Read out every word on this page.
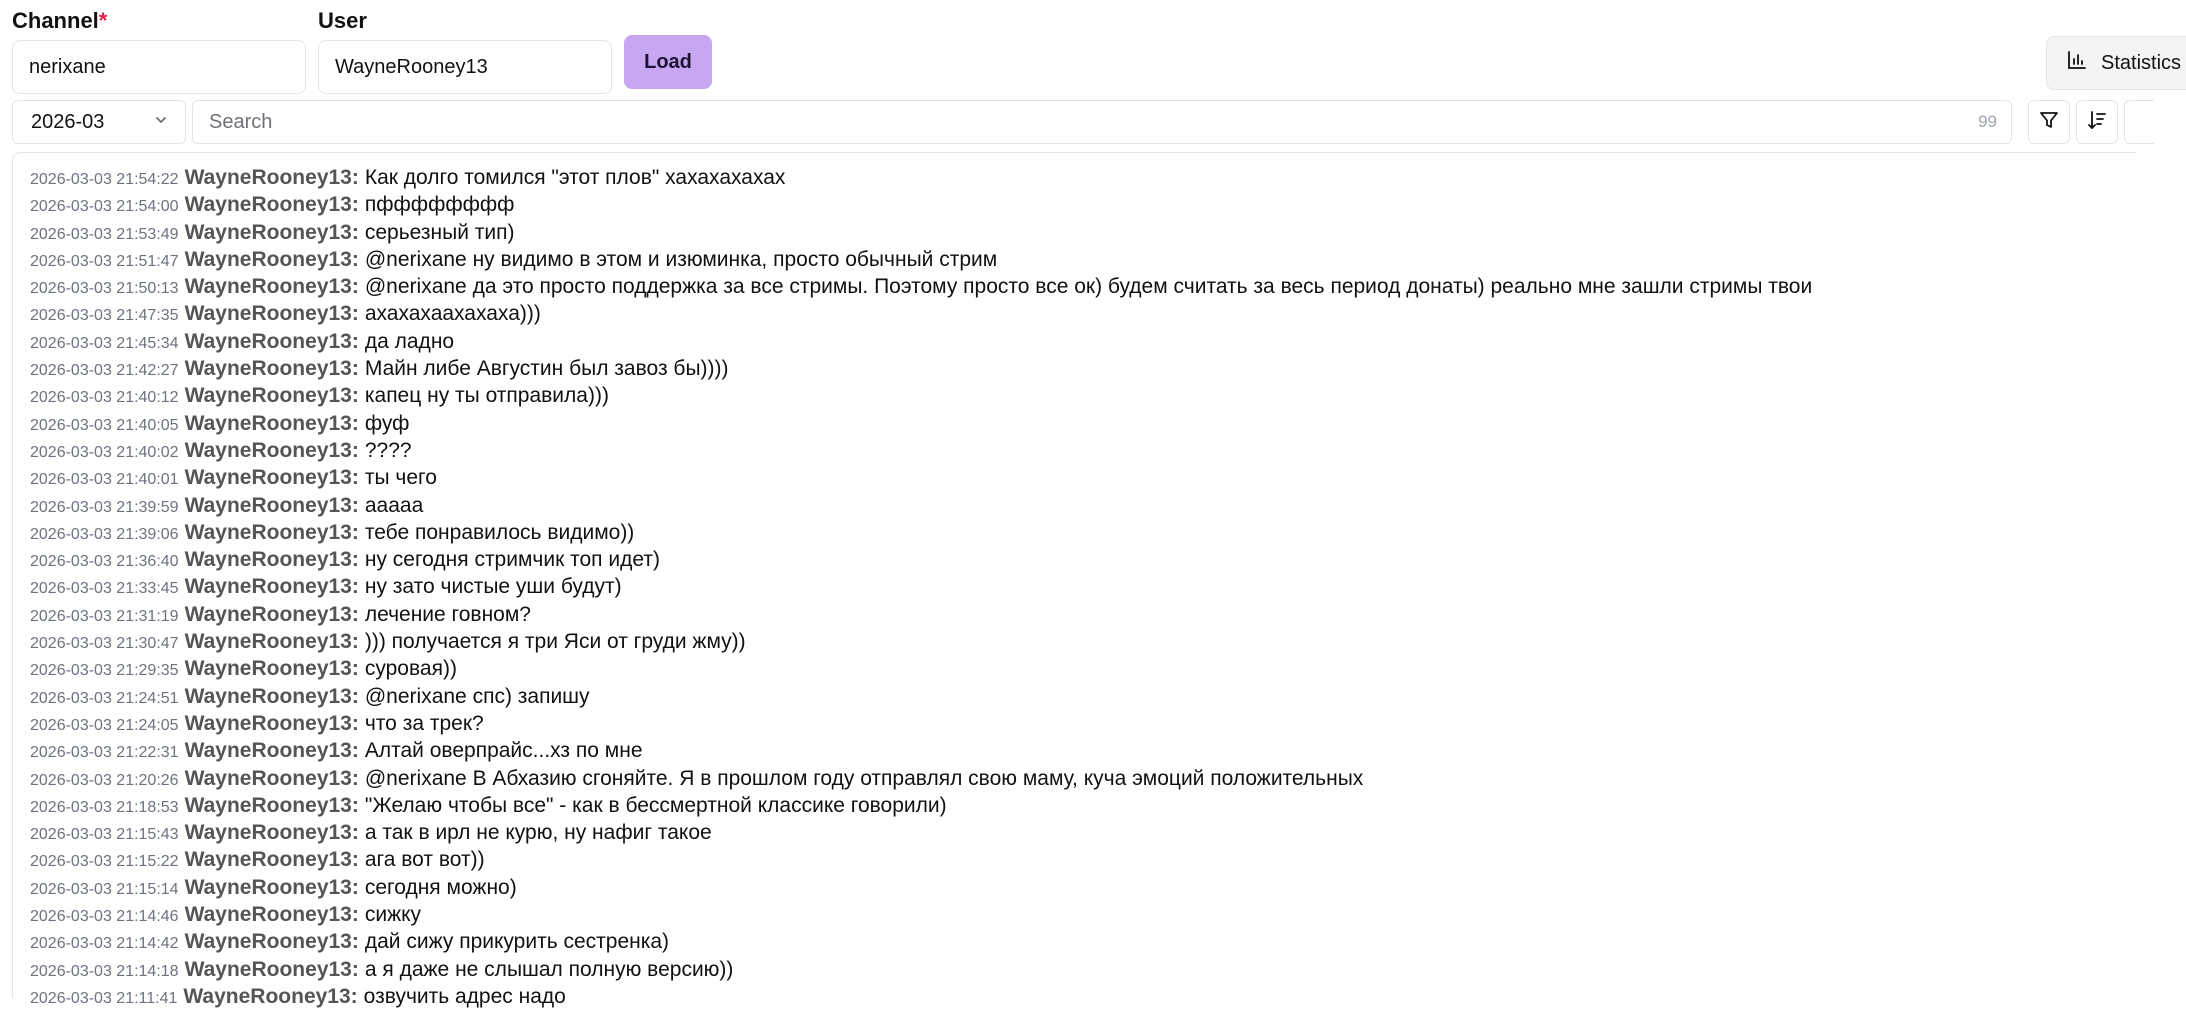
Channel*
nerixane	User
WayneRooney13
Load	Statistics
2026-03
Search	99
2026-03-03 21:54:22 WayneRooney13: Как долго томился "этот плов" хахахахахах
2026-03-03 21:54:00 WayneRooney13: пфффффффф
2026-03-03 21:53:49 WayneRooney13: серьезный тип)
2026-03-03 21:51:47 WayneRooney13: @nerixane ну видимо в этом и изюминка, просто обычный стрим
2026-03-03 21:50:13 WayneRooney13: @nerixane да это просто поддержка за все стримы. Поэтому просто все ок) будем считать за весь период донаты) реально мне зашли стримы твои
2026-03-03 21:47:35 WayneRooney13: ахахахаахахаха)))
2026-03-03 21:45:34 WayneRooney13: да ладно
2026-03-03 21:42:27 WayneRooney13: Майн либе Августин был завоз бы))))
2026-03-03 21:40:12 WayneRooney13: капец ну ты отправила)))
2026-03-03 21:40:05 WayneRooney13: фуф
2026-03-03 21:40:02 WayneRooney13: ????
2026-03-03 21:40:01 WayneRooney13: ты чего
2026-03-03 21:39:59 WayneRooney13: ааааа
2026-03-03 21:39:06 WayneRooney13: тебе понравилось видимо))
2026-03-03 21:36:40 WayneRooney13: ну сегодня стримчик топ идет)
2026-03-03 21:33:45 WayneRooney13: ну зато чистые уши будут)
2026-03-03 21:31:19 WayneRooney13: лечение говном?
2026-03-03 21:30:47 WayneRooney13: ))) получается я три Яси от груди жму))
2026-03-03 21:29:35 WayneRooney13: суровая))
2026-03-03 21:24:51 WayneRooney13: @nerixane спс) запишу
2026-03-03 21:24:05 WayneRooney13: что за трек?
2026-03-03 21:22:31 WayneRooney13: Алтай оверпрайс...хз по мне
2026-03-03 21:20:26 WayneRooney13: @nerixane В Абхазию сгоняйте. Я в прошлом году отправлял свою маму, куча эмоций положительных
2026-03-03 21:18:53 WayneRooney13: "Желаю чтобы все" - как в бессмертной классике говорили)
2026-03-03 21:15:43 WayneRooney13: а так в ирл не курю, ну нафиг такое
2026-03-03 21:15:22 WayneRooney13: ага вот вот))
2026-03-03 21:15:14 WayneRooney13: сегодня можно)
2026-03-03 21:14:46 WayneRooney13: сижку
2026-03-03 21:14:42 WayneRooney13: дай сижу прикурить сестренка)
2026-03-03 21:14:18 WayneRooney13: а я даже не слышал полную версию))
2026-03-03 21:11:41 WayneRooney13: озвучить адрес надо
